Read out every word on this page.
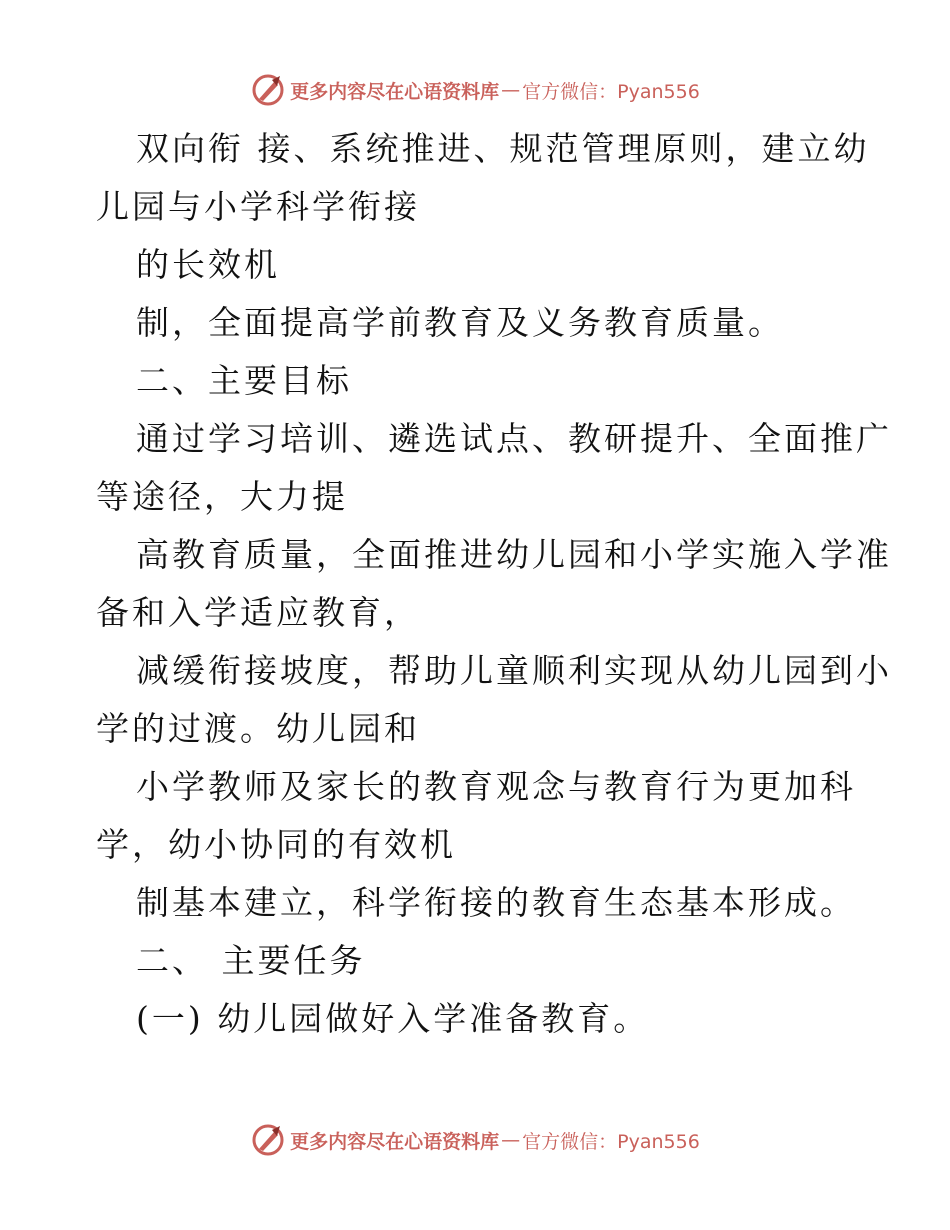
更多内容尽在心语资料库 — 官方微信：Pyan556
双向衔 接、系统推进、规范管理原则，建立幼
儿园与小学科学衔接
的长效机
制，全面提高学前教育及义务教育质量。
二、主要目标
通过学习培训、遴选试点、教研提升、全面推广
等途径，大力提
高教育质量，全面推进幼儿园和小学实施入学准
备和入学适应教育，
减缓衔接坡度，帮助儿童顺利实现从幼儿园到小
学的过渡。幼儿园和
小学教师及家长的教育观念与教育行为更加科
学，幼小协同的有效机
制基本建立，科学衔接的教育生态基本形成。
二、 主要任务
(一) 幼儿园做好入学准备教育。
更多内容尽在心语资料库 — 官方微信：Pyan556
